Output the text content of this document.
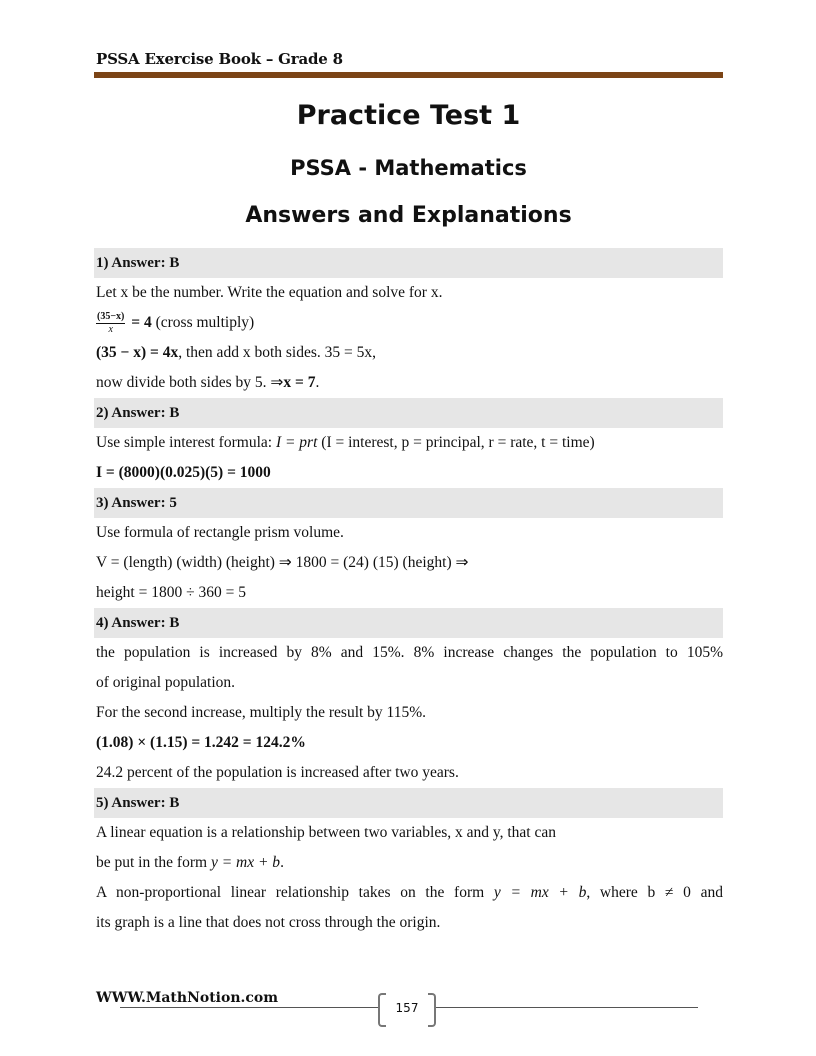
PSSA Exercise Book – Grade 8
Practice Test 1
PSSA - Mathematics
Answers and Explanations
1) Answer: B
Let x be the number. Write the equation and solve for x.
$\frac{(35-x)}{x} = 4$ (cross multiply)
(35 − x) = 4x, then add x both sides. 35 = 5x,
now divide both sides by 5. ⇒x = 7.
2) Answer: B
Use simple interest formula: I = prt (I = interest, p = principal, r = rate, t = time)
I = (8000)(0.025)(5) = 1000
3) Answer: 5
Use formula of rectangle prism volume.
V = (length) (width) (height) ⇒ 1800 = (24) (15) (height) ⇒
height = 1800 ÷ 360 = 5
4) Answer: B
the population is increased by 8% and 15%. 8% increase changes the population to 105%
of original population.
For the second increase, multiply the result by 115%.
(1.08) × (1.15) = 1.242 = 124.2%
24.2 percent of the population is increased after two years.
5) Answer: B
A linear equation is a relationship between two variables, x and y, that can
be put in the form y = mx + b.
A non-proportional linear relationship takes on the form y = mx + b, where b ≠ 0 and
its graph is a line that does not cross through the origin.
WWW.MathNotion.com
157
